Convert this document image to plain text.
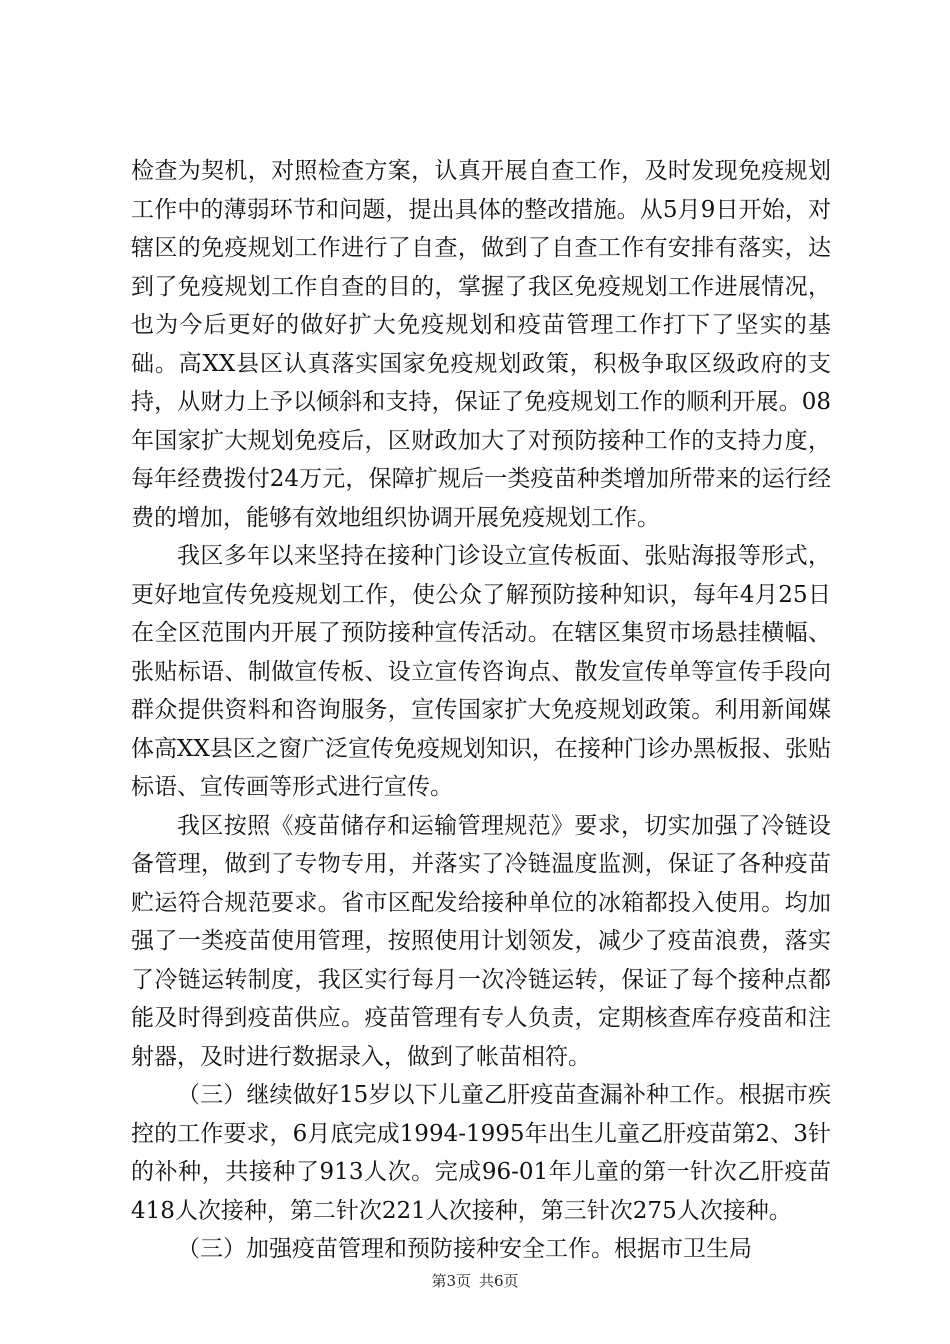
检查为契机，对照检查方案，认真开展自查工作，及时发现免疫规划工作中的薄弱环节和问题，提出具体的整改措施。从5月9日开始，对辖区的免疫规划工作进行了自查，做到了自查工作有安排有落实，达到了免疫规划工作自查的目的，掌握了我区免疫规划工作进展情况，也为今后更好的做好扩大免疫规划和疫苗管理工作打下了坚实的基础。高XX县区认真落实国家免疫规划政策，积极争取区级政府的支持，从财力上予以倾斜和支持，保证了免疫规划工作的顺利开展。08年国家扩大规划免疫后，区财政加大了对预防接种工作的支持力度，每年经费拨付24万元，保障扩规后一类疫苗种类增加所带来的运行经费的增加，能够有效地组织协调开展免疫规划工作。

我区多年以来坚持在接种门诊设立宣传板面、张贴海报等形式，更好地宣传免疫规划工作，使公众了解预防接种知识，每年4月25日在全区范围内开展了预防接种宣传活动。在辖区集贸市场悬挂横幅、张贴标语、制做宣传板、设立宣传咨询点、散发宣传单等宣传手段向群众提供资料和咨询服务，宣传国家扩大免疫规划政策。利用新闻媒体高XX县区之窗广泛宣传免疫规划知识，在接种门诊办黑板报、张贴标语、宣传画等形式进行宣传。

我区按照《疫苗储存和运输管理规范》要求，切实加强了冷链设备管理，做到了专物专用，并落实了冷链温度监测，保证了各种疫苗贮运符合规范要求。省市区配发给接种单位的冰箱都投入使用。均加强了一类疫苗使用管理，按照使用计划领发，减少了疫苗浪费，落实了冷链运转制度，我区实行每月一次冷链运转，保证了每个接种点都能及时得到疫苗供应。疫苗管理有专人负责，定期核查库存疫苗和注射器，及时进行数据录入，做到了帐苗相符。

（三）继续做好15岁以下儿童乙肝疫苗查漏补种工作。根据市疾控的工作要求，6月底完成1994-1995年出生儿童乙肝疫苗第2、3针的补种，共接种了913人次。完成96-01年儿童的第一针次乙肝疫苗418人次接种，第二针次221人次接种，第三针次275人次接种。

（三）加强疫苗管理和预防接种安全工作。根据市卫生局

第3页 共6页
